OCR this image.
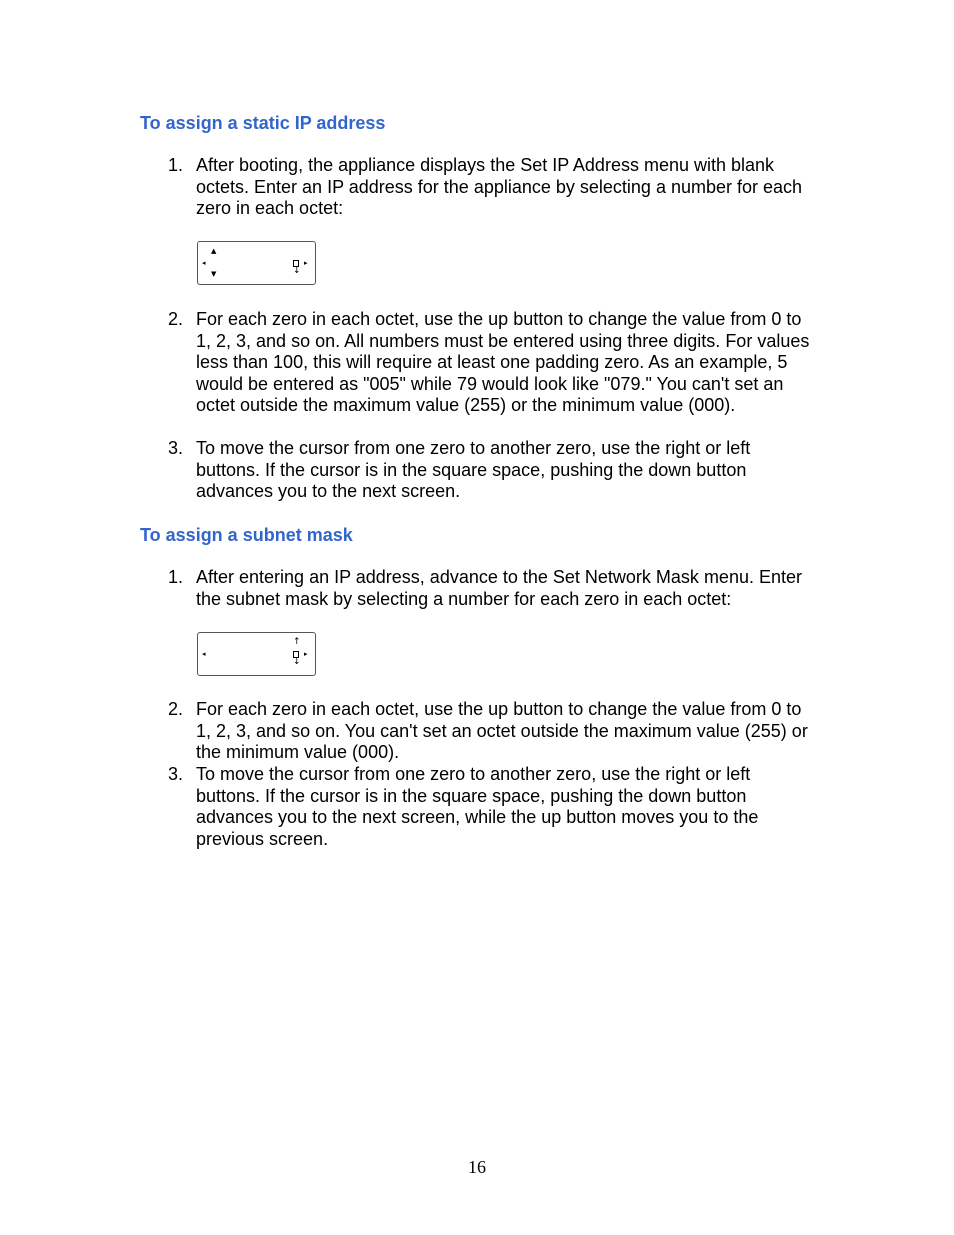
To assign a static IP address
1. After booting, the appliance displays the Set IP Address menu with blank octets. Enter an IP address for the appliance by selecting a number for each zero in each octet:
▲
◂
▼	↓
▸
2. For each zero in each octet, use the up button to change the value from 0 to 1, 2, 3, and so on. All numbers must be entered using three digits. For values less than 100, this will require at least one padding zero. As an example, 5 would be entered as "005" while 79 would look like "079." You can't set an octet outside the maximum value (255) or the minimum value (000).
3. To move the cursor from one zero to another zero, use the right or left buttons. If the cursor is in the square space, pushing the down button advances you to the next screen.
To assign a subnet mask
1. After entering an IP address, advance to the Set Network Mask menu. Enter the subnet mask by selecting a number for each zero in each octet:
◂
↑
↓
▸
2. For each zero in each octet, use the up button to change the value from 0 to 1, 2, 3, and so on. You can't set an octet outside the maximum value (255) or the minimum value (000).
3. To move the cursor from one zero to another zero, use the right or left buttons. If the cursor is in the square space, pushing the down button advances you to the next screen, while the up button moves you to the previous screen.
16
